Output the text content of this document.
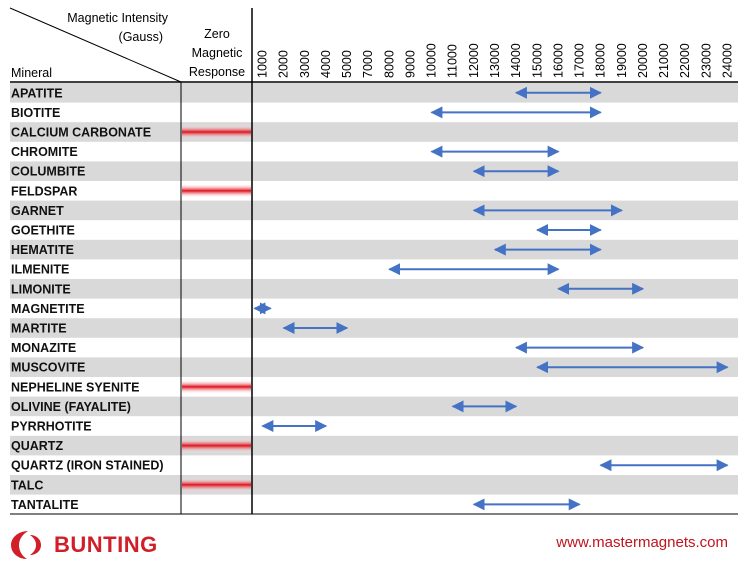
APATITE
BIOTITE
CALCIUM CARBONATE
CHROMITE
COLUMBITE
FELDSPAR
GARNET
GOETHITE
HEMATITE
ILMENITE
LIMONITE
MAGNETITE
MARTITE
MONAZITE
MUSCOVITE
NEPHELINE SYENITE
OLIVINE (FAYALITE)
PYRRHOTITE
QUARTZ
QUARTZ (IRON STAINED)
TALC
TANTALITE
Magnetic Intensity
(Gauss)
Mineral
Zero
Magnetic
Response 1000 2000 3000 4000 5000 7000 8000 9000 10000 11000 12000 13000 14000 15000 16000 17000 18000 19000 20000 21000 22000 23000 24000
BUNTING	www.mastermagnets.com
